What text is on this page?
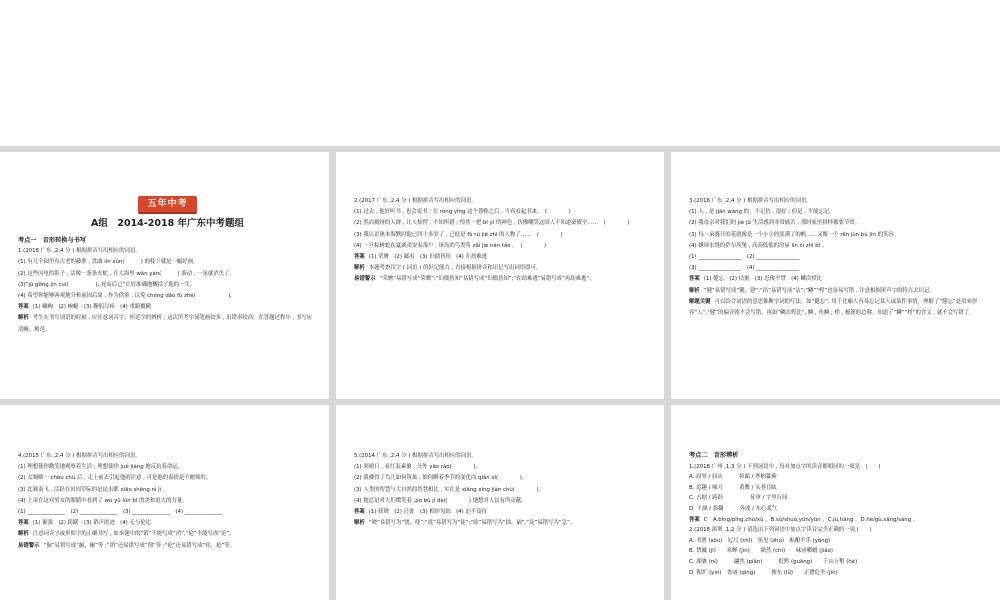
五年中考
A组　2014-2018 年广东中考题组
考点一　音形转换与书写
1.(2018 广东 ,2,4 分 ) 根据拼音写出相应的词语。
(1) 有几个园里有古老的藤萝 , 盘曲 lín xún(　　　) 的枝干就是一幅好画。
(2) 这些闪电的影子 , 活像一条条火蛇 , 在大海里 wān yán(　　　) 游动 , 一晃就消失了。
(3)“jū gōng jìn cuì(　　　　　), 死而后已”正好准确地概括了他的一生。
(4) 希望你能够客观地分析前因后果 , 作为借鉴 , 以免 chóng dǎo fù zhé(　　　　　　)。
答案 (1) 嶙峋　(2) 蜿蜒　(3) 鞠躬尽瘁　(4) 重蹈覆辙
解析 考生在书写词语的时候 , 应注意词音字、形近字的辨析 , 这次所考字词笔画较多 , 出错率较高。在答题过程中 , 书写应清晰、规范。
2.(2017 广东 ,2,4 分 ) 根据拼音写出相应的词语。
(1) 过去 , 他好听书 , 也会说书 ; 在 róng yīng 这个尊称之后 , 当真看起书来。　(　　　　)
(2) 然而拥挤的人群 , 让人惊愕 , 不知所措 ; 惶然一把 bǐ yí 的神色 , 仿佛嘲笑这国人不知道豪敏全……　(　　　　)
(3) 我认识奥本海默时他已四十多岁了 , 已经是 fù rú jiē zhī 的人物了……　(　　　　)
(4) 一旦棕树蛇在夏威夷安家落户 , 该岛的鸟类将 zāi jié nán táo 。　(　　　　)
答案 (1) 荣膺　(2) 鄙夷　(3) 妇孺皆知　(4) 在劫难逃
解析 本题考查汉字 ( 词语 ) 的识记能力 , 直接根据拼音和识记写出词语即可。
易错警示 “荣膺”易错写成“荣鹰”;“妇孺皆知”易错写成“妇儒皆知”;“在劫难逃”易错写成“再劫难逃”。
3.(2016 广东 ,2,4 分 ) 根据拼音写出相应的词语。
(1) 人 , 是 jiàn wàng 的。不记仇 , 很好 ; 但是 , 不能忘记。
(2) 我母亲对我们的 jié jū 生活感到非常痛苦 , 那时家里拼样都要节省。
(3) 每一朵盛开的花就像是一个小小的张满了的帆……又像一个 rěn jùn bù jīn 的笑容。
(4) 蜂环水绕的萨尔茨堡 , 高高低低的房屋 lín cì zhì bǐ 。
(1) ________________　 (2) ________________
(3) ________________　 (4) ________________
答案 (1) 健忘　(2) 拮据　(3) 忍俊不禁　(4) 鳞次栉比
解析 “健”易错写成“键、建”;“拮”易错写成“洁”;“鳞”“栉”也容易写错 , 注意根据形声字的特点去识记。
解题关键 可以结合词语的意思推断字词的写法。如“健忘”, 用于比喻人容易忘记某人或某件事情。理解了“健忘”是用来形容“人”,“健”的偏旁就不会写错。再如“鳞次栉比”, 鳞 , 鱼鳞 ; 栉 , 梳篦的总称。知道了“鳞”“栉”的含义 , 就不会写错了。
4.(2015 广东 ,2,4 分 ) 根据拼音写出相应的词语。
(1) 理想使你微笑地观察着生活 ; 理想使你 jué jiàng 地反抗着命运。
(2) 女娲略一 chóu chú 后 , 走上前去引起他的注意 , 可是他的表情是不耐烦的。
(3) 比赛南飞 , 活跃在田间草际的是昆虫都 xiāo shēng nì jì 。
(4) 上帝在这对男女的眼睛中看到了 wú yǔ lún bǐ 的美和更大的力量。
(1) ______________　(2) ______________　(3) ______________　(4) ______________
答案 (1) 倔强　(2) 踌躇　(3) 销声匿迹　(4) 无与伦比
解析 注意词音字或形似字的正确书写 , 如本题中的“销”不能写成“消”,“伦”不能写成“论”。
易错警示 “倔”易错写成“掘、崛”等 ;“销”还易错写成“削”等 ;“伦”还易错写成“轮、抡”等。
5.(2014 广东 ,2,4 分 ) 根据拼音写出相应的词语。
(1) 须晴日 , 看红装素裹 , 分外 yāo ráo(　　　　)。
(2) 我骤得了鸟儿如何筑巢 , 如何瞬着季节的变化而 qiān xǐ(　　　　)。
(3) 人类的智慧与大自然的智慧相比 , 实在是 xiāng xíng jiàn chù(　　　　)。
(4) 她总是对人们微笑着 ,pò bù jí dài(　　　　) 地想对人民有所贡献。
答案 (1) 妖娆　(2) 迁徙　(3) 相形见绌　(4) 迫不及待
解析 “娆”易错写为“饶、绕”;“徙”易错写为“徒”;“绌”易错写为“拙、础”,“及”易错写为“急”。
考点二　音形辨析
1.(2018 广州 ,1,3 分 ) 下列词语中 , 每对加点字的读音都相同的一项是　(　　)
A. 屈辱 / 屈从　　　掉漏 / 斧柄薹蕨
B. 追趣 / 厢方　　　黄鳖 / 头巷目眩
C. 占据 / 跨跃　　　　　征审 / 字里行间
D. 干涸 / 恭翻　　　奔波 / 东心柔气
答案 C　A.bǐng/pǐng,chù/xù 。B.sù/shuò,yūn/yūn 。C.jù,hàng 。D.hé/gù,sāng/sàng 。
2.(2018 深圳 ,1,2 分 ) 请选出下列词语中加点字读音完全正确的一项 (　　)
A. 书匮 (sǒu)　尼尺 (chǐ)　狙见 (zhù)　酝酿不乐 (yàng)
B. 禁巍 (jī)　　寒蝉 (jìn)　　藉然 (chì)　　味同嚼蜡 (jiáo)
C. 湖裹 (ní)　　　翩然 (piān)　　　贬黔 (guāng)　　千山万壑 (hè)
D. 粗圹 (yín)　杏丽 (qìng)　　　掳东 (lǜ)　　正襟危坐 (jīn)
